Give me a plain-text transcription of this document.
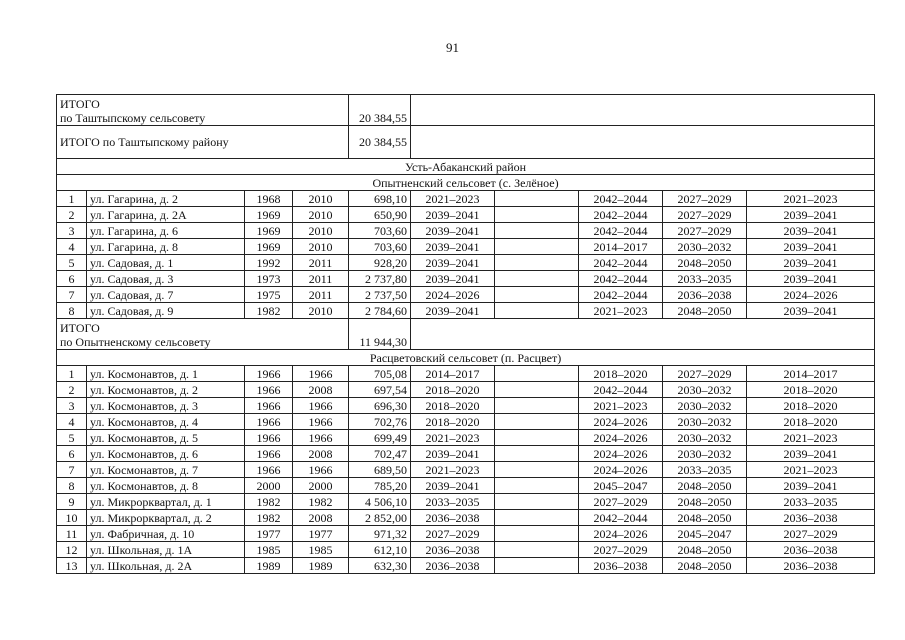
91
ИТОГО
по Таштыпскому сельсовету				20 384,55					
ИТОГО по Таштыпскому району				20 384,55					
Усть-Абаканский район									
Опытненский сельсовет (с. Зелёное)									
1	ул. Гагарина, д. 2	1968	2010	698,10	2021–2023		2042–2044	2027–2029	2021–2023
2	ул. Гагарина, д. 2А	1969	2010	650,90	2039–2041		2042–2044	2027–2029	2039–2041
3	ул. Гагарина, д. 6	1969	2010	703,60	2039–2041		2042–2044	2027–2029	2039–2041
4	ул. Гагарина, д. 8	1969	2010	703,60	2039–2041		2014–2017	2030–2032	2039–2041
5	ул. Садовая, д. 1	1992	2011	928,20	2039–2041		2042–2044	2048–2050	2039–2041
6	ул. Садовая, д. 3	1973	2011	2 737,80	2039–2041		2042–2044	2033–2035	2039–2041
7	ул. Садовая, д. 7	1975	2011	2 737,50	2024–2026		2042–2044	2036–2038	2024–2026
8	ул. Садовая, д. 9	1982	2010	2 784,60	2039–2041		2021–2023	2048–2050	2039–2041
ИТОГО
по Опытненскому сельсовету				11 944,30					
Расцветовский сельсовет (п. Расцвет)									
1	ул. Космонавтов, д. 1	1966	1966	705,08	2014–2017		2018–2020	2027–2029	2014–2017
2	ул. Космонавтов, д. 2	1966	2008	697,54	2018–2020		2042–2044	2030–2032	2018–2020
3	ул. Космонавтов, д. 3	1966	1966	696,30	2018–2020		2021–2023	2030–2032	2018–2020
4	ул. Космонавтов, д. 4	1966	1966	702,76	2018–2020		2024–2026	2030–2032	2018–2020
5	ул. Космонавтов, д. 5	1966	1966	699,49	2021–2023		2024–2026	2030–2032	2021–2023
6	ул. Космонавтов, д. 6	1966	2008	702,47	2039–2041		2024–2026	2030–2032	2039–2041
7	ул. Космонавтов, д. 7	1966	1966	689,50	2021–2023		2024–2026	2033–2035	2021–2023
8	ул. Космонавтов, д. 8	2000	2000	785,20	2039–2041		2045–2047	2048–2050	2039–2041
9	ул. Микрорквартал, д. 1	1982	1982	4 506,10	2033–2035		2027–2029	2048–2050	2033–2035
10	ул. Микрорквартал, д. 2	1982	2008	2 852,00	2036–2038		2042–2044	2048–2050	2036–2038
11	ул. Фабричная, д. 10	1977	1977	971,32	2027–2029		2024–2026	2045–2047	2027–2029
12	ул. Школьная, д. 1А	1985	1985	612,10	2036–2038		2027–2029	2048–2050	2036–2038
13	ул. Школьная, д. 2А	1989	1989	632,30	2036–2038		2036–2038	2048–2050	2036–2038
